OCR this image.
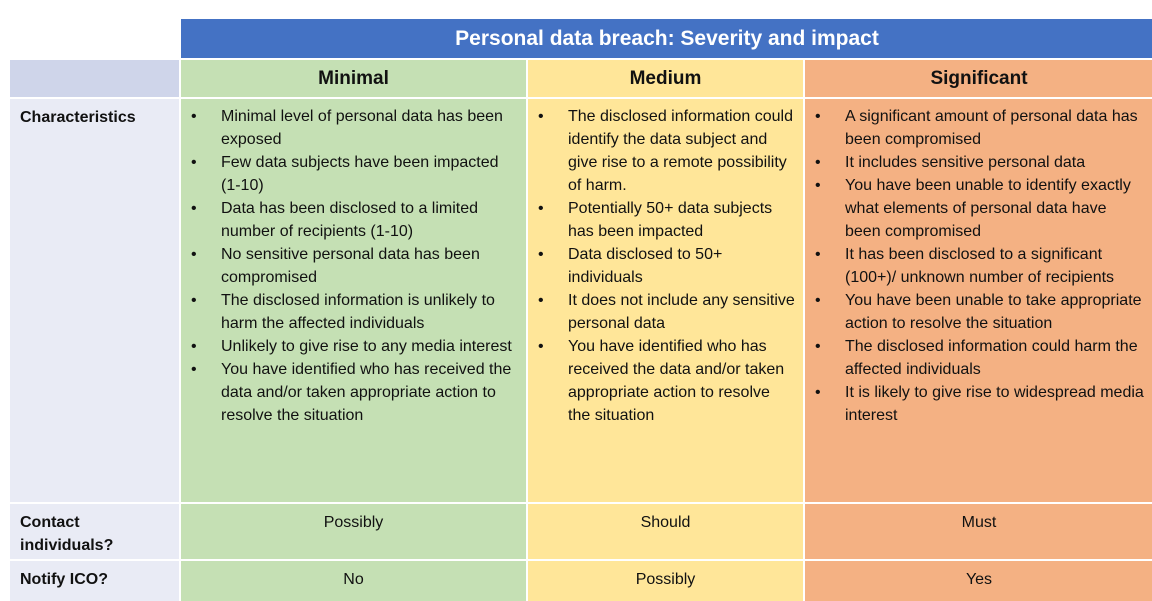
Personal data breach: Severity and impact
Minimal	Medium	Significant
Characteristics
•	Minimal level of personal data has been exposed
• Few data subjects have been impacted (1-10)
• Data has been disclosed to a limited number of recipients (1-10)
• No sensitive personal data has been compromised
• The disclosed information is unlikely to harm the affected individuals
• Unlikely to give rise to any media interest
• You have identified who has received the data and/or taken appropriate action to resolve the situation
• The disclosed information could identify the data subject and give rise to a remote possibility of harm.
• Potentially 50+ data subjects has been impacted
• Data disclosed to 50+ individuals
• It does not include any sensitive personal data
• You have identified who has received the data and/or taken appropriate action to resolve the situation
• A significant amount of personal data has been compromised
• It includes sensitive personal data
• You have been unable to identify exactly what elements of personal data have been compromised
• It has been disclosed to a significant (100+)/ unknown number of recipients
• You have been unable to take appropriate action to resolve the situation
• The disclosed information could harm the affected individuals
• It is likely to give rise to widespread media interest
Contact individuals?
Possibly	Should	Must
Notify ICO?	No	Possibly	Yes
